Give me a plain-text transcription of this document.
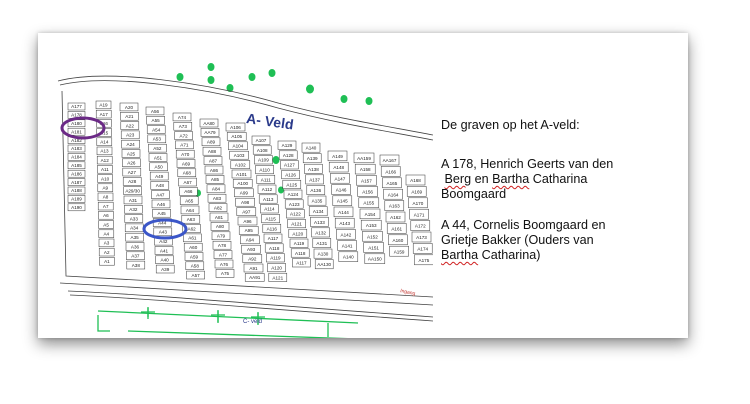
A177
A178
A180
A181
A182
A183
A184
A185
A186
A187
A188
A189
A190
A19
A17
A16
A15
A14
A13
A12
A11
A10
A9
A8
A7
A6
A5
A4
A3
A2
A1
A20
A21
A22
A23
A24
A25
A26
A27
A28
A29/30
A31
A32
A33
A34
A35
A36
A37
A38
A56
A55
A54
A53
A52
A51
A50
A49
A48
A47
A46
A45
A44
A43
A42
A41
A40
A39
A74
A73
A72
A71
A70
A69
A68
A67
A66
A65
A64
A63
A62
A61
A60
A59
A58
A57
AA80
AA79
A89
A88
A87
A86
A85
A84
A83
A82
A81
A80
A79
A78
A77
A76
A75
A106
A105
A104
A103
A102
A101
A100
A99
A98
A97
A96
A95
A94
A93
A92
A91
AA91
A107
A108
A109
A110
A111
A112
A113
A114
A115
A116
A117
A118
A119
A120
A121
A129
A128
A127
A126
A125
A124
A123
A122
A121
A120
A119
A118
A117
A140
A139
A138
A137
A136
A135
A134
A133
A132
A131
A130
AA130
A149
A148
A147
A146
A145
A144
A143
A142
A141
A140
AA159
A158
A157
A156
A155
A154
A153
A152
A151
AA150
AA167
A166
A165
A164
A163
A162
A161
A160
A159
A168
A169
A170
A171
A172
A173
A174
A175
A- Veld
Ingang
C- veld

De graven op het A-veld:

A 178, Henrich Geerts van den
Berg en Bartha Catharina
Boomgaard

A 44, Cornelis Boomgaard en
Grietje Bakker (Ouders van
Bartha Catharina)
